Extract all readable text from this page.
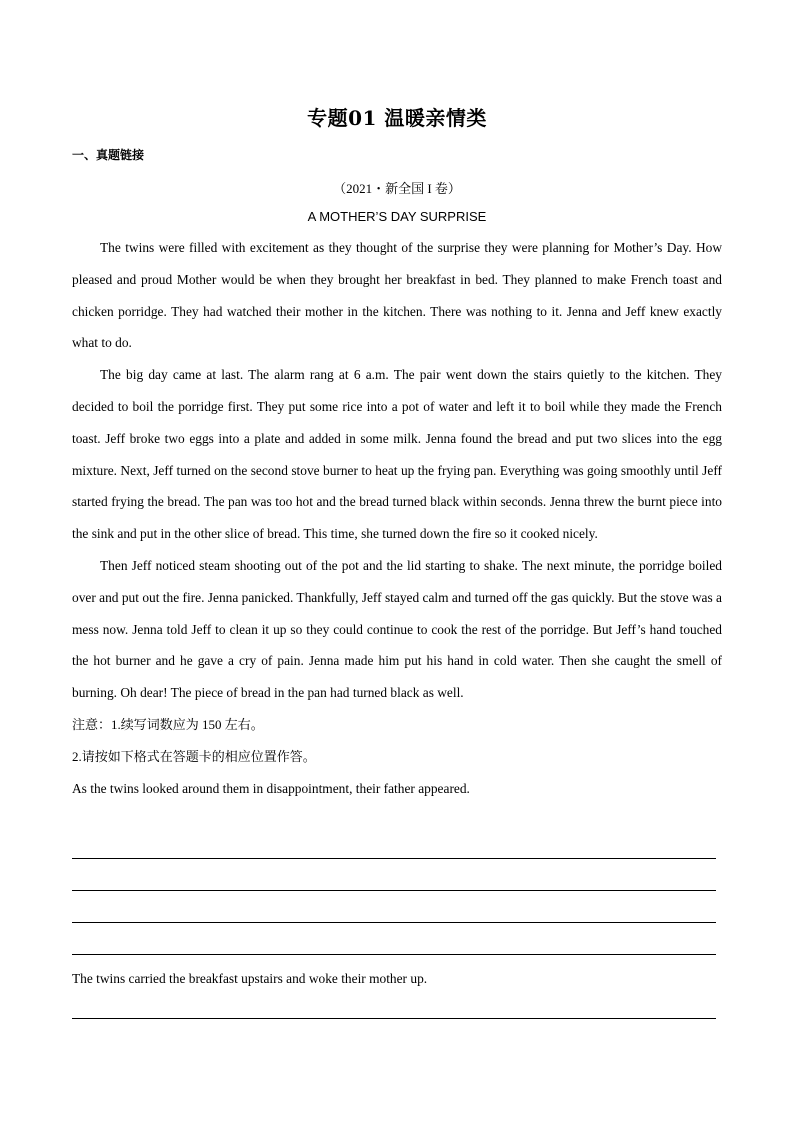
专题01 温暖亲情类
一、真题链接
（2021・新全国 I 卷）
A MOTHER’S DAY SURPRISE

The twins were filled with excitement as they thought of the surprise they were planning for Mother’s Day. How pleased and proud Mother would be when they brought her breakfast in bed. They planned to make French toast and chicken porridge. They had watched their mother in the kitchen. There was nothing to it. Jenna and Jeff knew exactly what to do.

The big day came at last. The alarm rang at 6 a.m. The pair went down the stairs quietly to the kitchen. They decided to boil the porridge first. They put some rice into a pot of water and left it to boil while they made the French toast. Jeff broke two eggs into a plate and added in some milk. Jenna found the bread and put two slices into the egg mixture. Next, Jeff turned on the second stove burner to heat up the frying pan. Everything was going smoothly until Jeff started frying the bread. The pan was too hot and the bread turned black within seconds. Jenna threw the burnt piece into the sink and put in the other slice of bread. This time, she turned down the fire so it cooked nicely.

Then Jeff noticed steam shooting out of the pot and the lid starting to shake. The next minute, the porridge boiled over and put out the fire. Jenna panicked. Thankfully, Jeff stayed calm and turned off the gas quickly. But the stove was a mess now. Jenna told Jeff to clean it up so they could continue to cook the rest of the porridge. But Jeff’s hand touched the hot burner and he gave a cry of pain. Jenna made him put his hand in cold water. Then she caught the smell of burning. Oh dear! The piece of bread in the pan had turned black as well.

注意：1.续写词数应为 150 左右。

2.请按如下格式在答题卡的相应位置作答。

As the twins looked around them in disappointment, their father appeared.

The twins carried the breakfast upstairs and woke their mother up.
